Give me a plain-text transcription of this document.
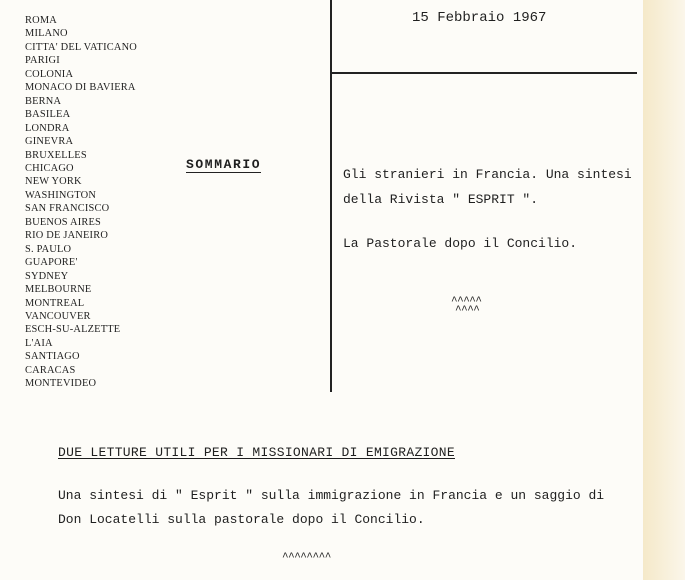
ROMA
MILANO
CITTA' DEL VATICANO
PARIGI
COLONIA
MONACO DI BAVIERA
BERNA
BASILEA
LONDRA
GINEVRA
BRUXELLES
CHICAGO
NEW YORK
WASHINGTON
SAN FRANCISCO
BUENOS AIRES
RIO DE JANEIRO
S. PAULO
GUAPORE'
SYDNEY
MELBOURNE
MONTREAL
VANCOUVER
ESCH-SU-ALZETTE
L'AIA
SANTIAGO
CARACAS
MONTEVIDEO
SOMMARIO
15 Febbraio 1967
Gli stranieri in Francia. Una sintesi
della Rivista " ESPRIT ".
La Pastorale dopo il Concilio.
^^^^^
^^^^
DUE LETTURE UTILI PER I MISSIONARI DI EMIGRAZIONE
Una sintesi di " Esprit " sulla immigrazione in Francia e un saggio di
Don Locatelli sulla pastorale dopo il Concilio.
^^^^^^^^
